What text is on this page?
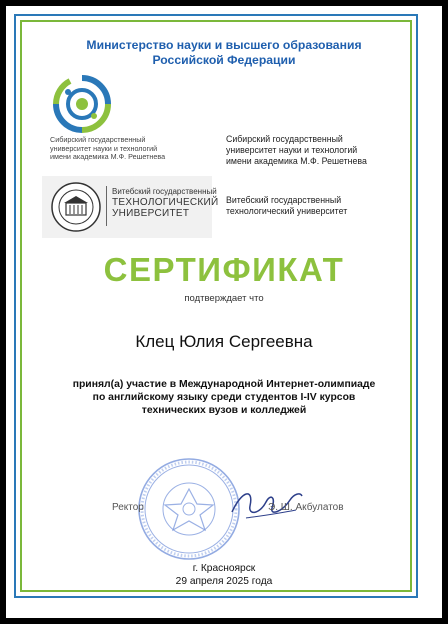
Министерство науки и высшего образования
Российской Федерации
Сибирский государственный
университет науки и технологий
имени академика М.Ф. Решетнева
Сибирский государственный
университет науки и технологий
имени академика М.Ф. Решетнева
Витебский государственный
ТЕХНОЛОГИЧЕСКИЙ
УНИВЕРСИТЕТ
Витебский государственный
технологический университет
СЕРТИФИКАТ
подтверждает что
Клец Юлия Сергеевна
принял(а) участие в Международной Интернет-олимпиаде
по английскому языку среди студентов I-IV курсов
технических вузов и колледжей
Ректор	Э. Ш. Акбулатов
г. Красноярск
29 апреля 2025 года
